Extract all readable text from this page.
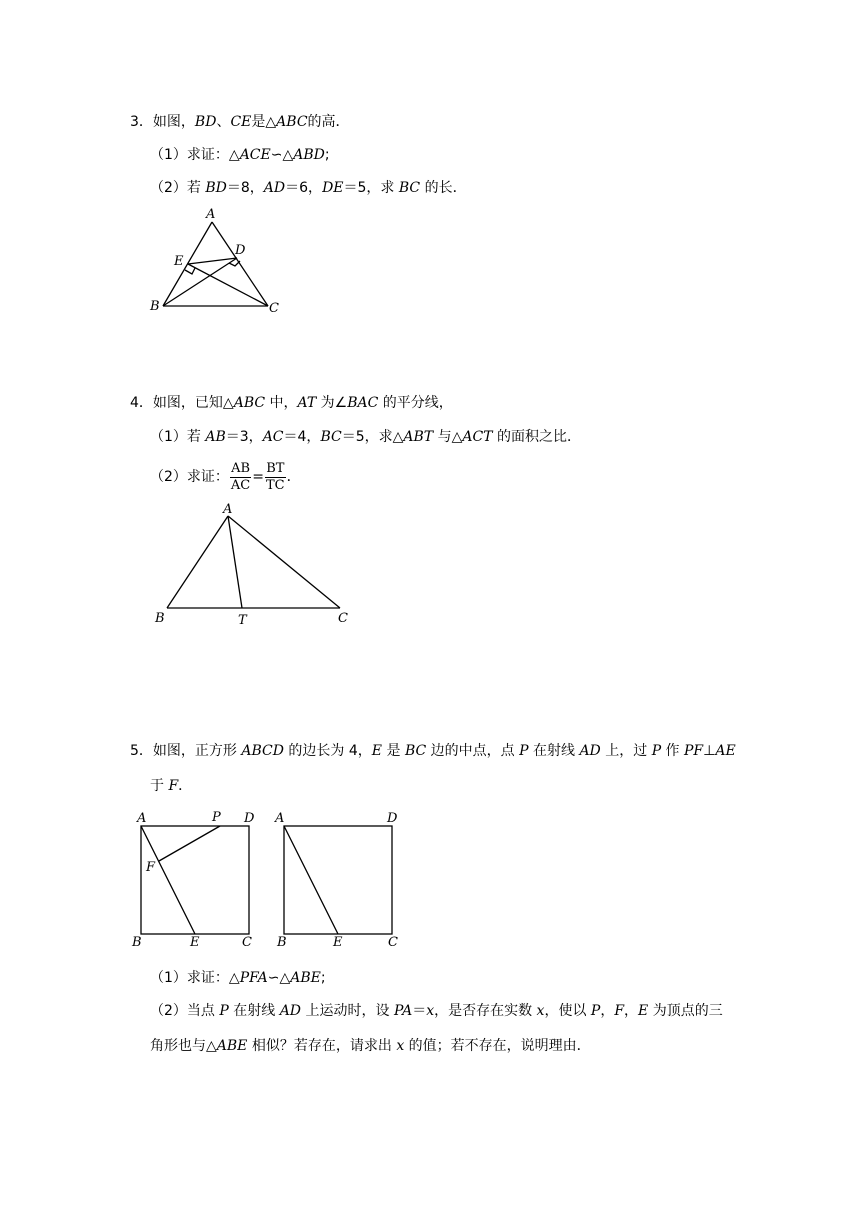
3．如图，BD、CE是△ABC的高．
（1）求证：△ACE∽△ABD;
（2）若 BD＝8，AD＝6，DE＝5，求 BC 的长．
A
D
E
B	C
4．如图，已知△ABC 中，AT 为∠BAC 的平分线，
（1）若 AB＝3，AC＝4，BC＝5，求△ABT 与△ACT 的面积之比．
（2）求证： $\frac{AB}{AC} = \frac{BT}{TC}$ ．
A
B	T	C
5．如图，正方形 ABCD 的边长为 4，E 是 BC 边的中点，点 P 在射线 AD 上，过 P 作 PF⊥AE
于 F．
A	P D
F
B	E	C
A	D
B	E	C
（1）求证：△PFA∽△ABE;
（2）当点 P 在射线 AD 上运动时，设 PA＝x，是否存在实数 x，使以 P，F，E 为顶点的三
角形也与△ABE 相似？若存在，请求出 x 的值；若不存在，说明理由．
